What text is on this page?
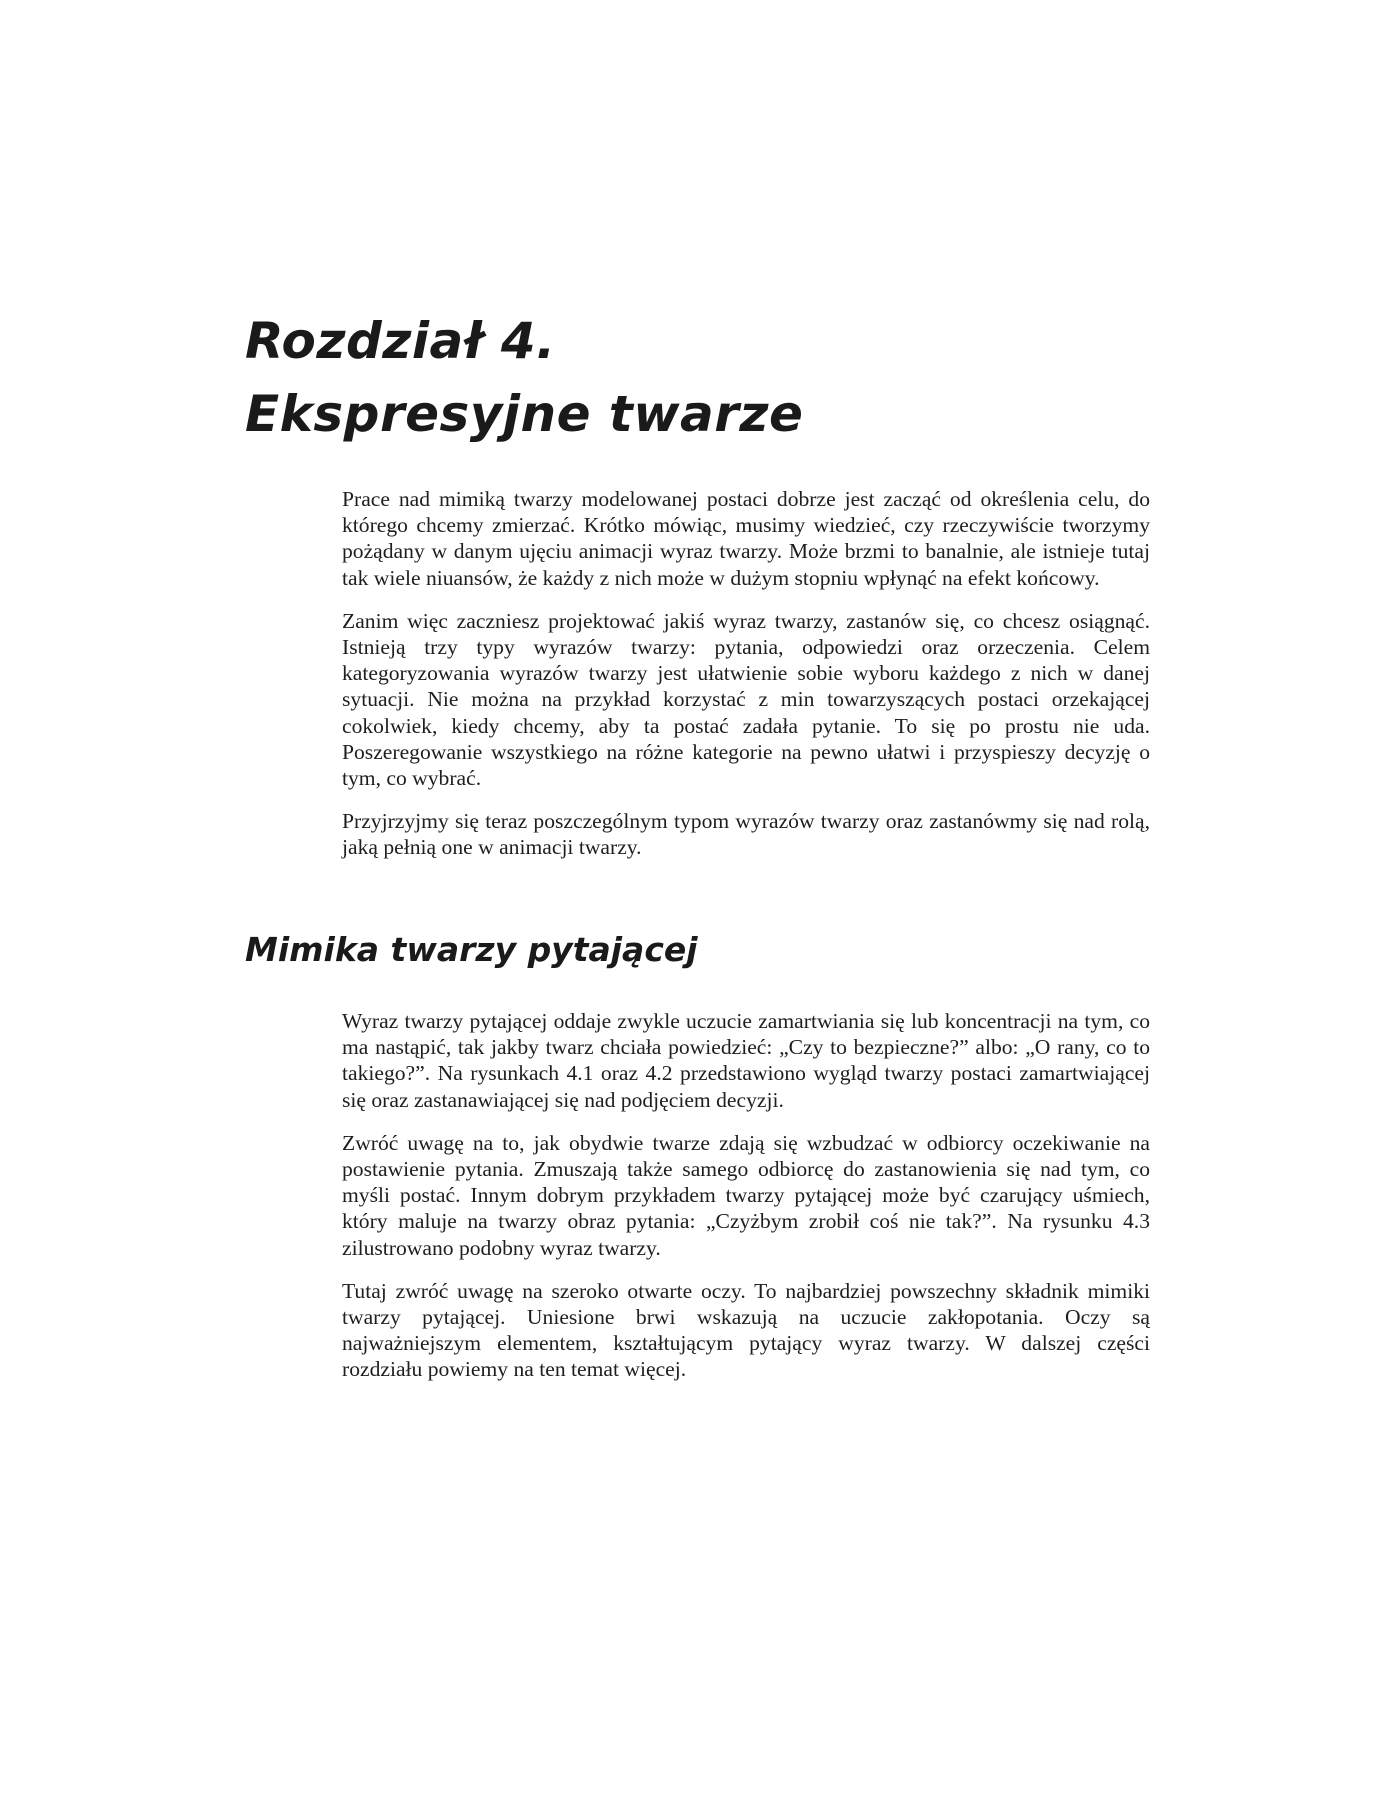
Rozdział 4.
Ekspresyjne twarze

Prace nad mimiką twarzy modelowanej postaci dobrze jest zacząć od określenia celu, do którego chcemy zmierzać. Krótko mówiąc, musimy wiedzieć, czy rzeczywiście tworzymy pożądany w danym ujęciu animacji wyraz twarzy. Może brzmi to banalnie, ale istnieje tutaj tak wiele niuansów, że każdy z nich może w dużym stopniu wpłynąć na efekt końcowy.

Zanim więc zaczniesz projektować jakiś wyraz twarzy, zastanów się, co chcesz osiągnąć. Istnieją trzy typy wyrazów twarzy: pytania, odpowiedzi oraz orzeczenia. Celem kategoryzowania wyrazów twarzy jest ułatwienie sobie wyboru każdego z nich w danej sytuacji. Nie można na przykład korzystać z min towarzyszących postaci orzekającej cokolwiek, kiedy chcemy, aby ta postać zadała pytanie. To się po prostu nie uda. Poszeregowanie wszystkiego na różne kategorie na pewno ułatwi i przyspieszy decyzję o tym, co wybrać.

Przyjrzyjmy się teraz poszczególnym typom wyrazów twarzy oraz zastanówmy się nad rolą, jaką pełnią one w animacji twarzy.

Mimika twarzy pytającej

Wyraz twarzy pytającej oddaje zwykle uczucie zamartwiania się lub koncentracji na tym, co ma nastąpić, tak jakby twarz chciała powiedzieć: „Czy to bezpieczne?” albo: „O rany, co to takiego?”. Na rysunkach 4.1 oraz 4.2 przedstawiono wygląd twarzy postaci zamartwiającej się oraz zastanawiającej się nad podjęciem decyzji.

Zwróć uwagę na to, jak obydwie twarze zdają się wzbudzać w odbiorcy oczekiwanie na postawienie pytania. Zmuszają także samego odbiorcę do zastanowienia się nad tym, co myśli postać. Innym dobrym przykładem twarzy pytającej może być czarujący uśmiech, który maluje na twarzy obraz pytania: „Czyżbym zrobił coś nie tak?”. Na rysunku 4.3 zilustrowano podobny wyraz twarzy.

Tutaj zwróć uwagę na szeroko otwarte oczy. To najbardziej powszechny składnik mimiki twarzy pytającej. Uniesione brwi wskazują na uczucie zakłopotania. Oczy są najważniejszym elementem, kształtującym pytający wyraz twarzy. W dalszej części rozdziału powiemy na ten temat więcej.
